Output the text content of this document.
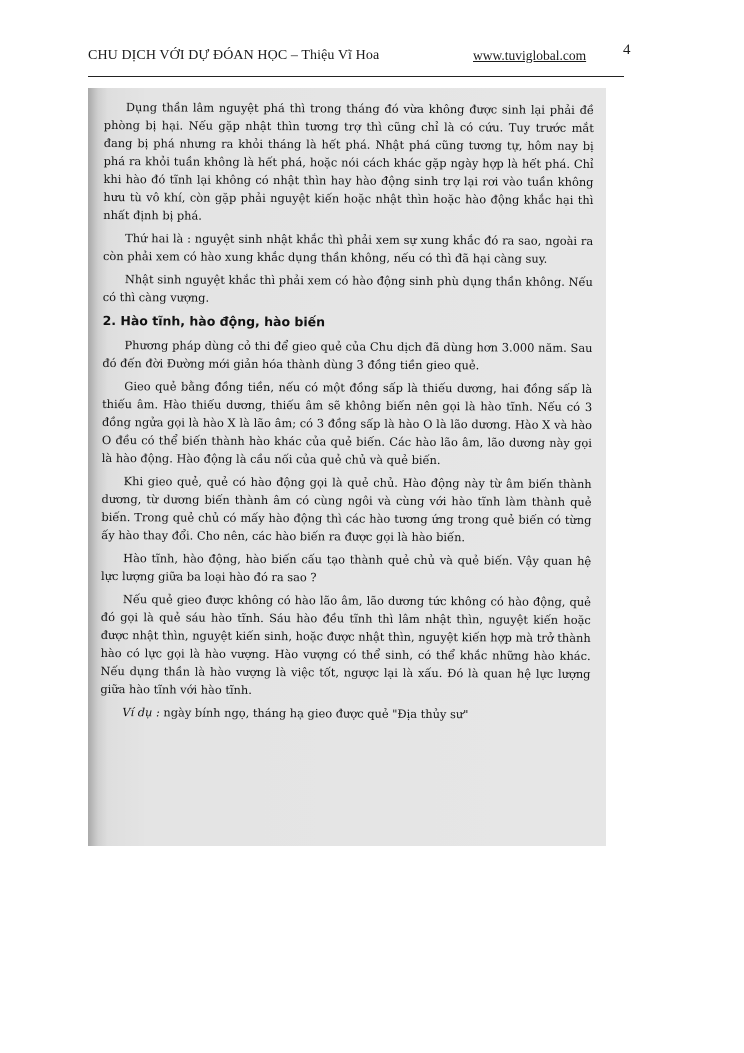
CHU DỊCH VỚI DỰ ĐÓAN HỌC – Thiệu Vĩ Hoa	www.tuviglobal.com 4

Dụng thần lâm nguyệt phá thì trong tháng đó vừa không được sinh lại phải đề phòng bị hại. Nếu gặp nhật thìn tương trợ thì cũng chỉ là có cứu. Tuy trước mắt đang bị phá nhưng ra khỏi tháng là hết phá. Nhật phá cũng tương tự, hôm nay bị phá ra khỏi tuần không là hết phá, hoặc nói cách khác gặp ngày hợp là hết phá. Chỉ khi hào đó tĩnh lại không có nhật thìn hay hào động sinh trợ lại rơi vào tuần không hưu tù vô khí, còn gặp phải nguyệt kiến hoặc nhật thìn hoặc hào động khắc hại thì nhất định bị phá.

Thứ hai là : nguyệt sinh nhật khắc thì phải xem sự xung khắc đó ra sao, ngoài ra còn phải xem có hào xung khắc dụng thần không, nếu có thì đã hại càng suy.

Nhật sinh nguyệt khắc thì phải xem có hào động sinh phù dụng thần không. Nếu có thì càng vượng.

2. Hào tĩnh, hào động, hào biến

Phương pháp dùng cỏ thi để gieo quẻ của Chu dịch đã dùng hơn 3.000 năm. Sau đó đến đời Đường mới giản hóa thành dùng 3 đồng tiền gieo quẻ.

Gieo quẻ bằng đồng tiền, nếu có một đồng sấp là thiếu dương, hai đồng sấp là thiếu âm. Hào thiếu dương, thiếu âm sẽ không biến nên gọi là hào tĩnh. Nếu có 3 đồng ngửa gọi là hào X là lão âm; có 3 đồng sấp là hào O là lão dương. Hào X và hào O đều có thể biến thành hào khác của quẻ biến. Các hào lão âm, lão dương này gọi là hào động. Hào động là cầu nối của quẻ chủ và quẻ biến.

Khi gieo quẻ, quẻ có hào động gọi là quẻ chủ. Hào động này từ âm biến thành dương, từ dương biến thành âm có cùng ngôi và cùng với hào tĩnh làm thành quẻ biến. Trong quẻ chủ có mấy hào động thì các hào tương ứng trong quẻ biến có từng ấy hào thay đổi. Cho nên, các hào biến ra được gọi là hào biến.

Hào tĩnh, hào động, hào biến cấu tạo thành quẻ chủ và quẻ biến. Vậy quan hệ lực lượng giữa ba loại hào đó ra sao ?

Nếu quẻ gieo được không có hào lão âm, lão dương tức không có hào động, quẻ đó gọi là quẻ sáu hào tĩnh. Sáu hào đều tĩnh thì lâm nhật thìn, nguyệt kiến hoặc được nhật thìn, nguyệt kiến sinh, hoặc được nhật thìn, nguyệt kiến hợp mà trở thành hào có lực gọi là hào vượng. Hào vượng có thể sinh, có thể khắc những hào khác. Nếu dụng thần là hào vượng là việc tốt, ngược lại là xấu. Đó là quan hệ lực lượng giữa hào tĩnh với hào tĩnh.

Ví dụ : ngày bính ngọ, tháng hạ gieo được quẻ "Địa thủy sư"
